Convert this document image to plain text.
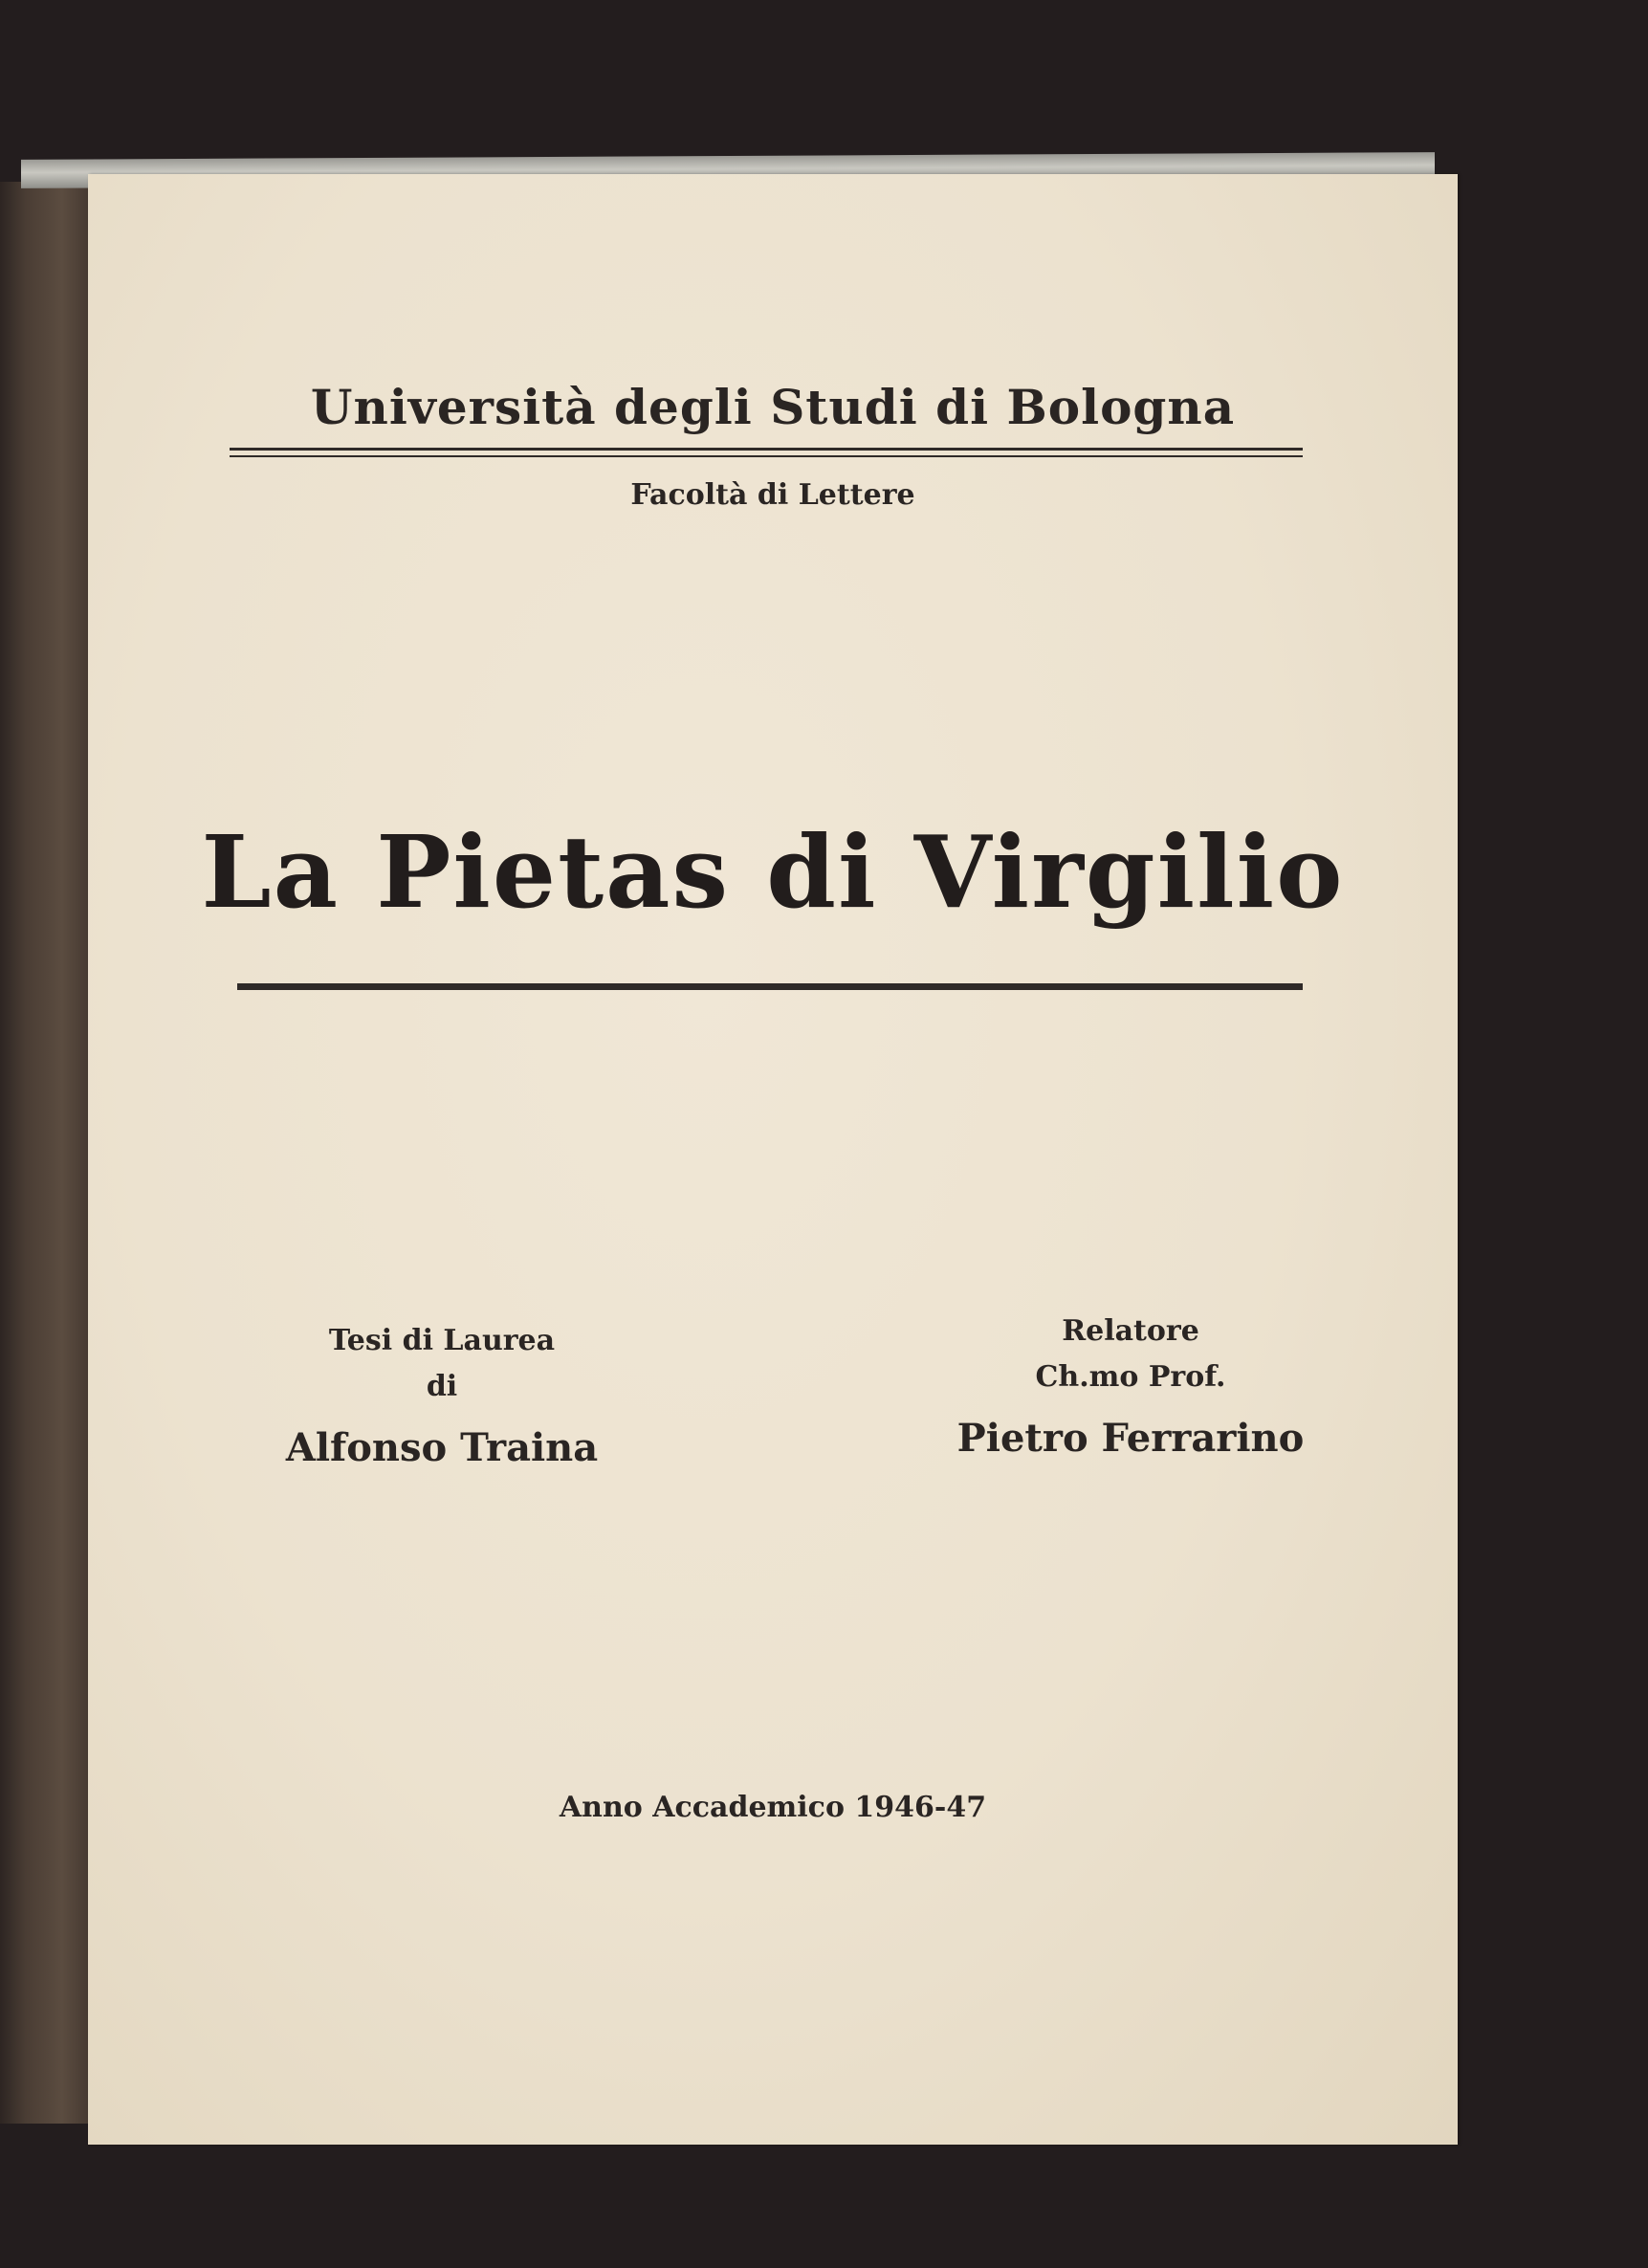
Università degli Studi di Bologna
Facoltà di Lettere
La Pietas di Virgilio
Tesi di Laurea
di
Alfonso Traina
Relatore
Ch.mo Prof.
Pietro Ferrarino
Anno Accademico 1946-47
